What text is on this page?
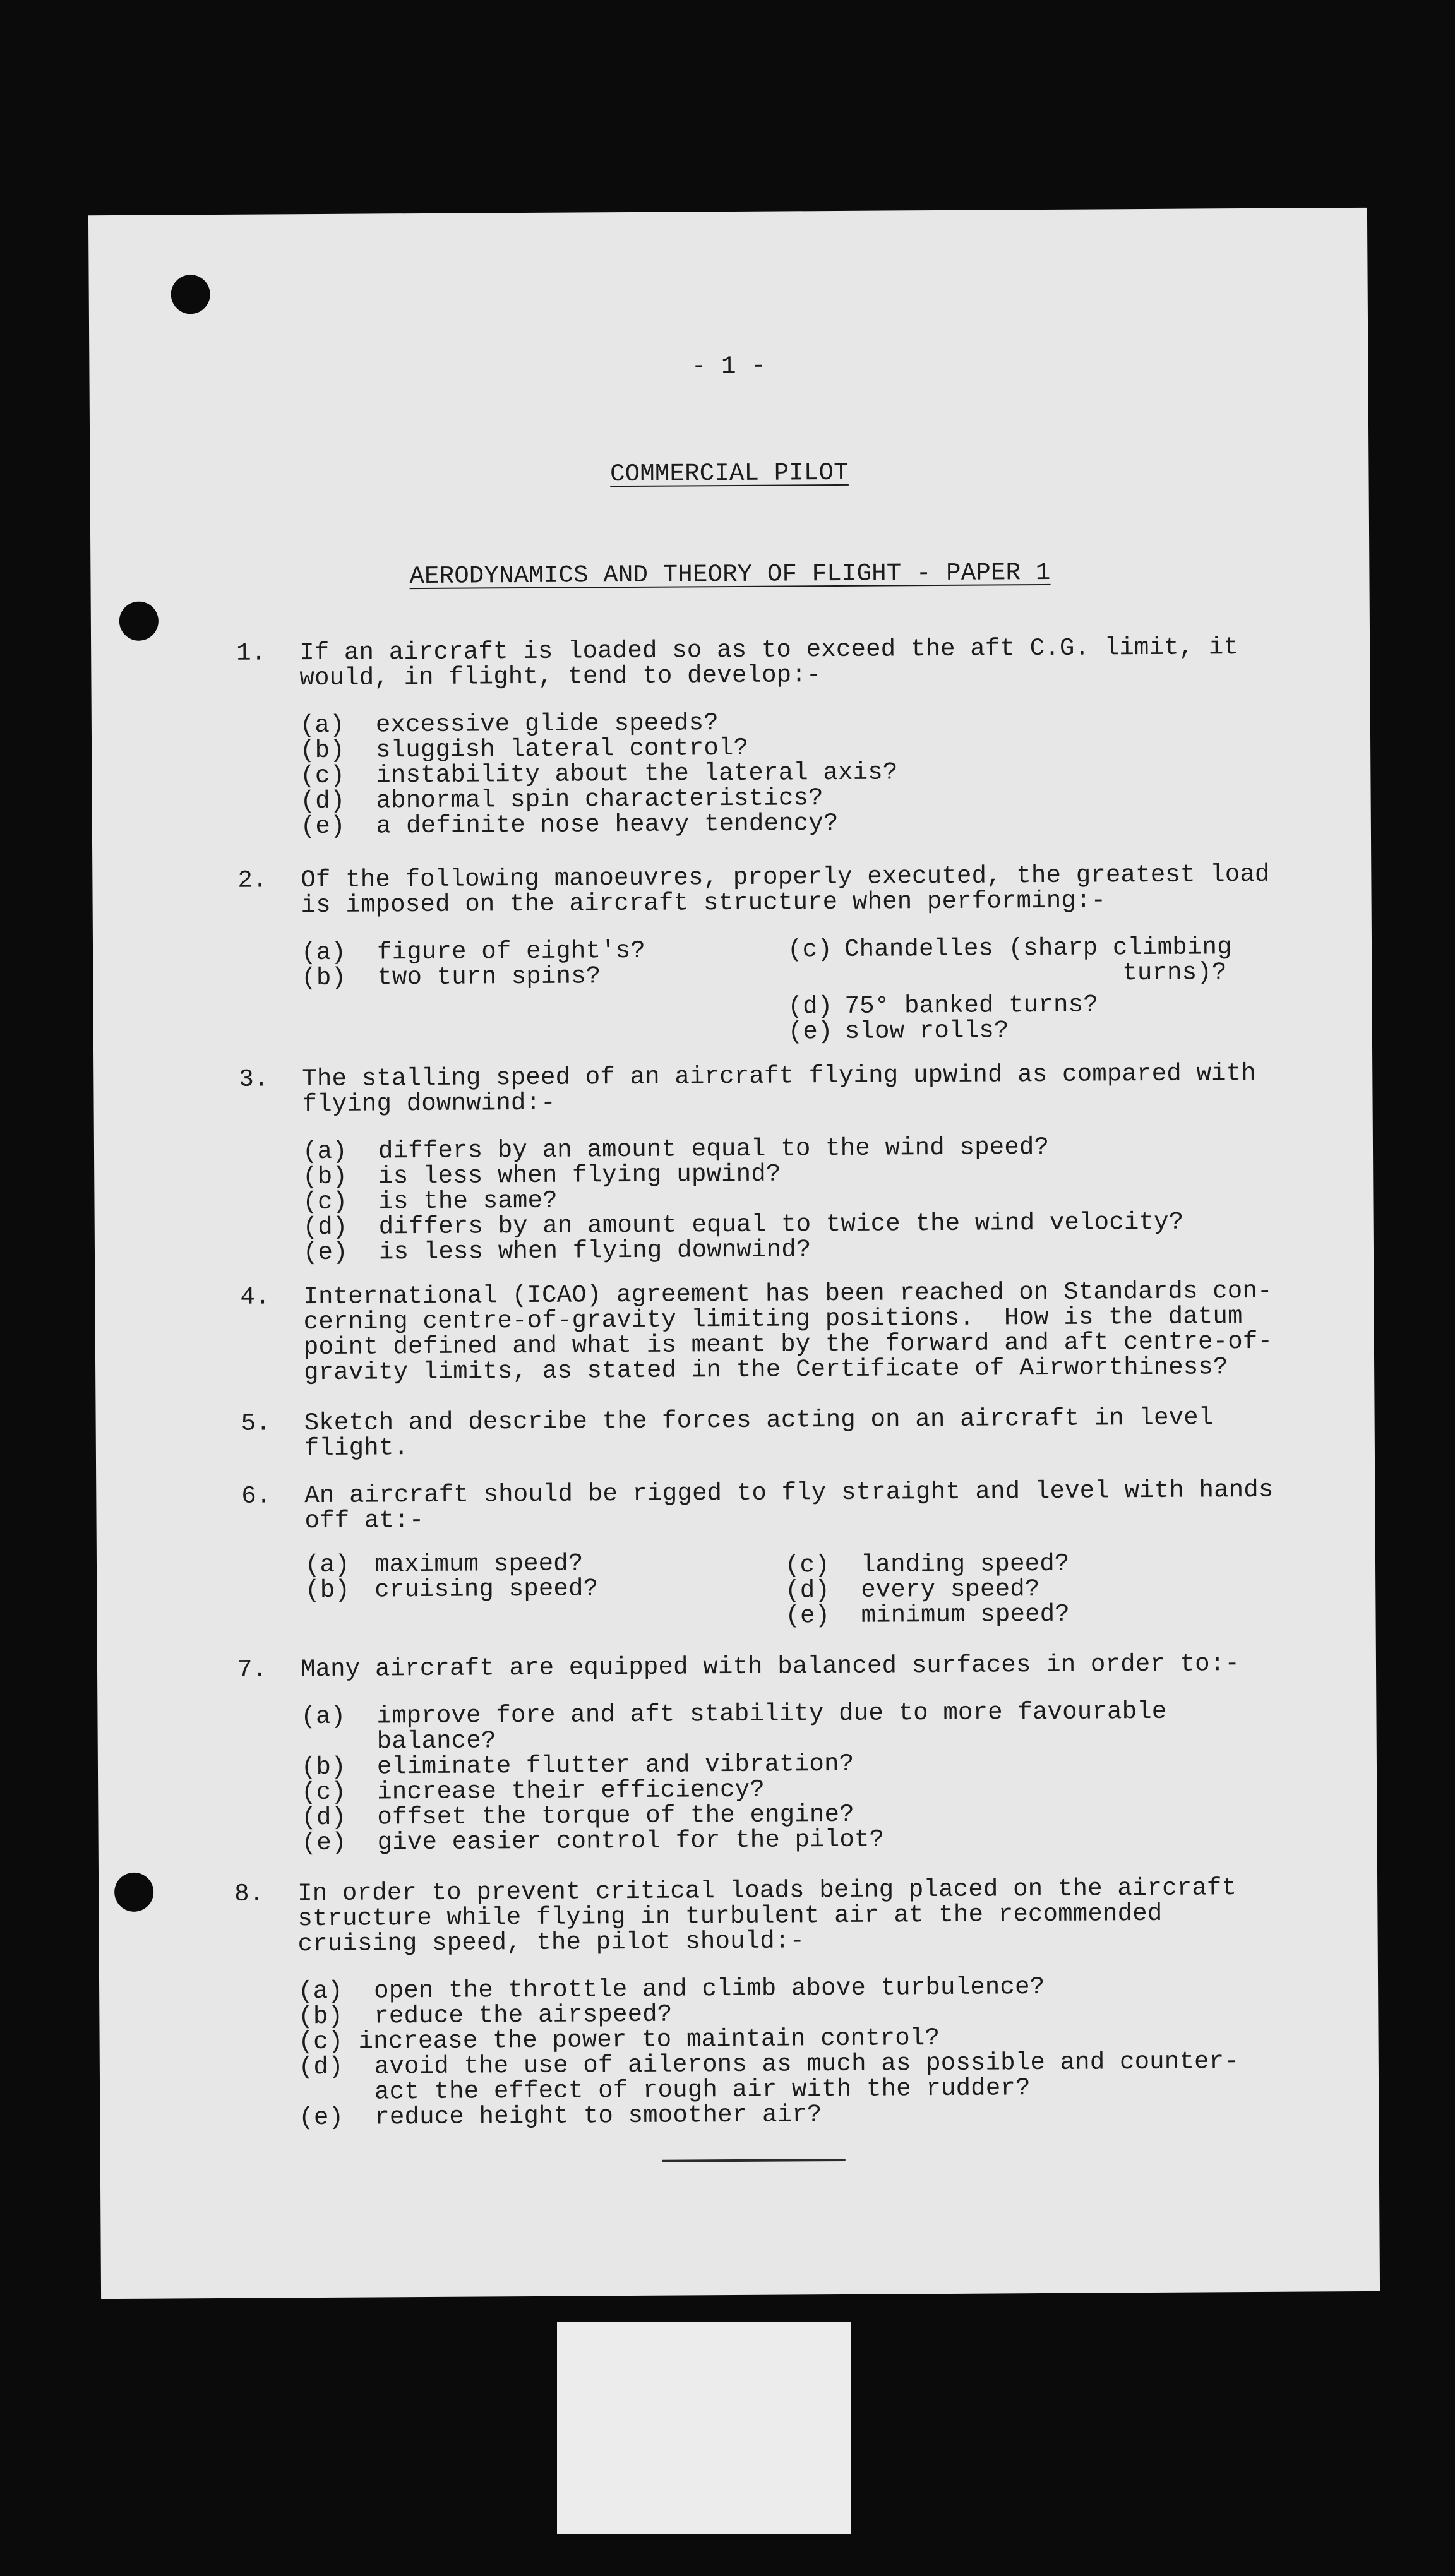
- 1 -
COMMERCIAL PILOT
AERODYNAMICS AND THEORY OF FLIGHT - PAPER 1
1. If an aircraft is loaded so as to exceed the aft C.G. limit, it
would, in flight, tend to develop:-
(a) excessive glide speeds?
(b) sluggish lateral control?
(c) instability about the lateral axis?
(d) abnormal spin characteristics?
(e) a definite nose heavy tendency?
2. Of the following manoeuvres, properly executed, the greatest load
is imposed on the aircraft structure when performing:-
(a) figure of eight's?
(b) two turn spins?
(c) Chandelles (sharp climbing
turns)?
(d) 75° banked turns?
(e) slow rolls?
3. The stalling speed of an aircraft flying upwind as compared with
flying downwind:-
(a) differs by an amount equal to the wind speed?
(b) is less when flying upwind?
(c) is the same?
(d) differs by an amount equal to twice the wind velocity?
(e) is less when flying downwind?
4. International (ICAO) agreement has been reached on Standards con-
cerning centre-of-gravity limiting positions.  How is the datum
point defined and what is meant by the forward and aft centre-of-
gravity limits, as stated in the Certificate of Airworthiness?
5. Sketch and describe the forces acting on an aircraft in level
flight.
6. An aircraft should be rigged to fly straight and level with hands
off at:-
(a) maximum speed?
(b) cruising speed?
(c) landing speed?
(d) every speed?
(e) minimum speed?
7. Many aircraft are equipped with balanced surfaces in order to:-
(a) improve fore and aft stability due to more favourable
balance?
(b) eliminate flutter and vibration?
(c) increase their efficiency?
(d) offset the torque of the engine?
(e) give easier control for the pilot?
8. In order to prevent critical loads being placed on the aircraft
structure while flying in turbulent air at the recommended
cruising speed, the pilot should:-
(a) open the throttle and climb above turbulence?
(b) reduce the airspeed?
(c) increase the power to maintain control?
(d) avoid the use of ailerons as much as possible and counter-
act the effect of rough air with the rudder?
(e) reduce height to smoother air?
